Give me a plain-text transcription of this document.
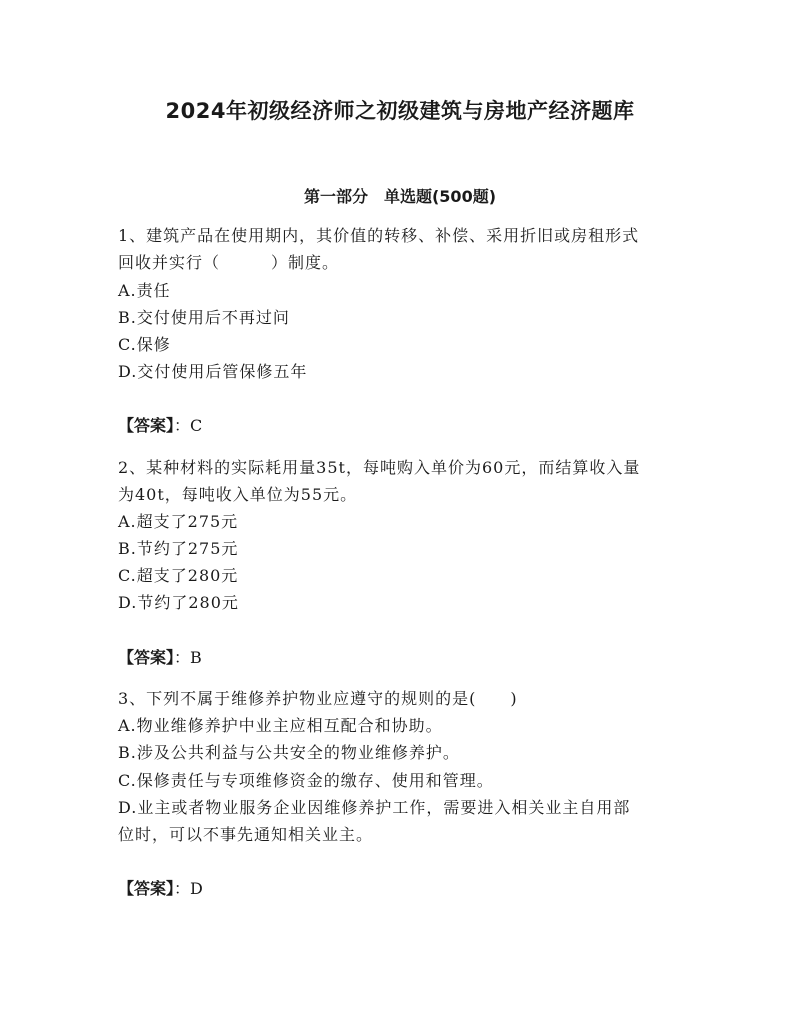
2024年初级经济师之初级建筑与房地产经济题库
第一部分　单选题(500题)
1、建筑产品在使用期内，其价值的转移、补偿、采用折旧或房租形式
回收并实行（　　　）制度。
A.责任
B.交付使用后不再过问
C.保修
D.交付使用后管保修五年
【答案】：C
2、某种材料的实际耗用量35t，每吨购入单价为60元，而结算收入量
为40t，每吨收入单位为55元。
A.超支了275元
B.节约了275元
C.超支了280元
D.节约了280元
【答案】：B
3、下列不属于维修养护物业应遵守的规则的是(　　)
A.物业维修养护中业主应相互配合和协助。
B.涉及公共利益与公共安全的物业维修养护。
C.保修责任与专项维修资金的缴存、使用和管理。
D.业主或者物业服务企业因维修养护工作，需要进入相关业主自用部
位时，可以不事先通知相关业主。
【答案】：D
